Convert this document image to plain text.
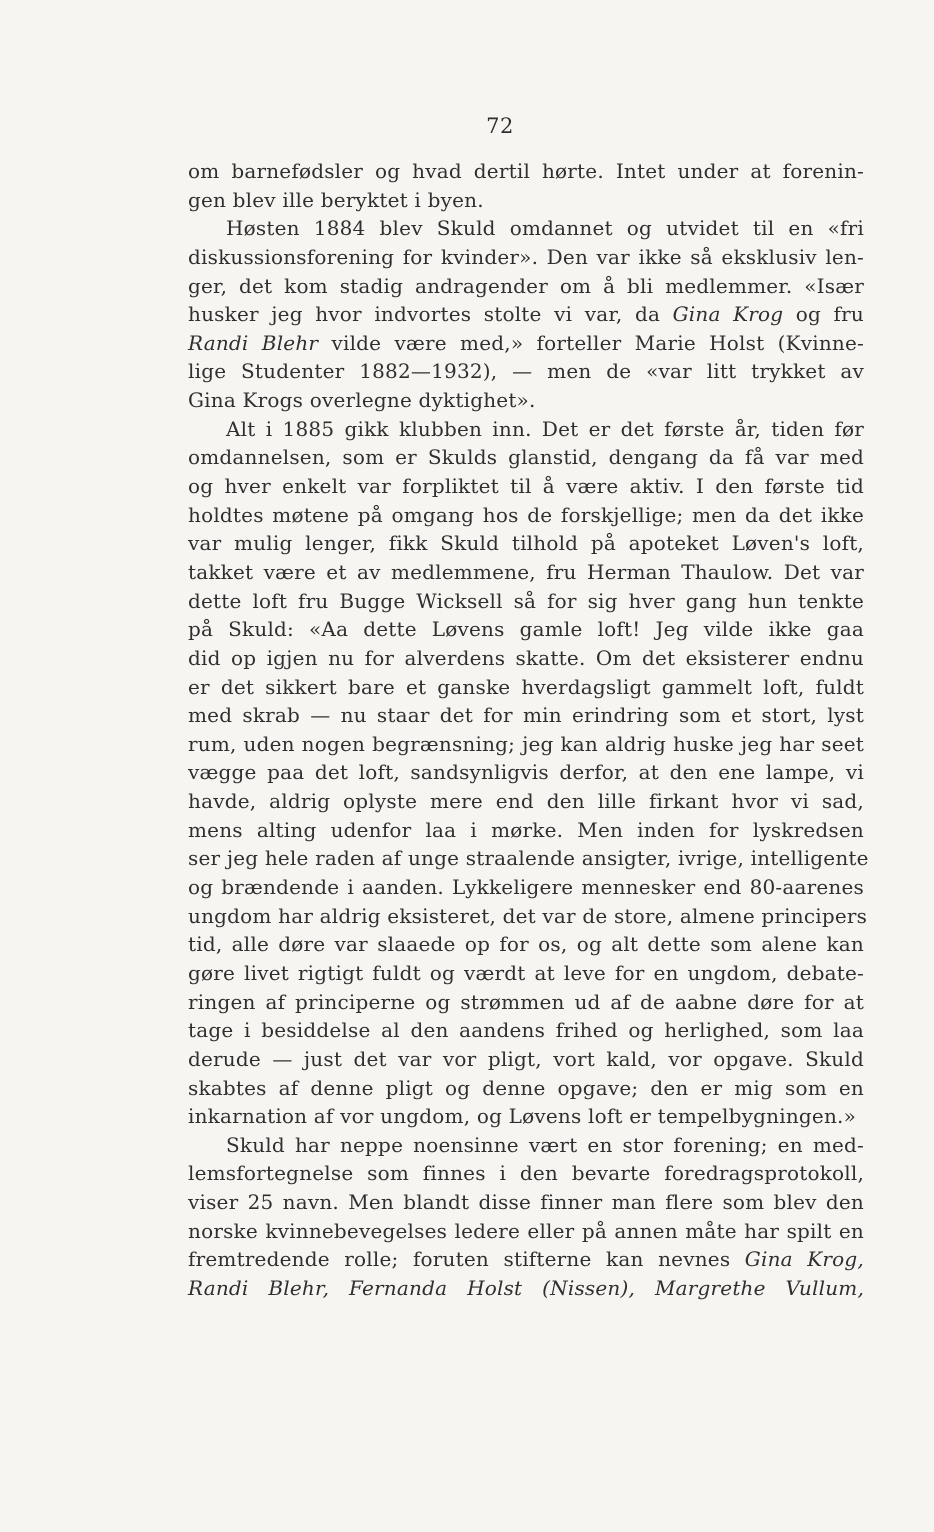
72
om barnefødsler og hvad dertil hørte. Intet under at forenin-
gen blev ille beryktet i byen.
Høsten 1884 blev Skuld omdannet og utvidet til en «fri
diskussionsforening for kvinder». Den var ikke så eksklusiv len-
ger, det kom stadig andragender om å bli medlemmer. «Især
husker jeg hvor indvortes stolte vi var, da Gina Krog og fru
Randi Blehr vilde være med,» forteller Marie Holst (Kvinne-
lige Studenter 1882—1932), — men de «var litt trykket av
Gina Krogs overlegne dyktighet».
Alt i 1885 gikk klubben inn. Det er det første år, tiden før
omdannelsen, som er Skulds glanstid, dengang da få var med
og hver enkelt var forpliktet til å være aktiv. I den første tid
holdtes møtene på omgang hos de forskjellige; men da det ikke
var mulig lenger, fikk Skuld tilhold på apoteket Løven's loft,
takket være et av medlemmene, fru Herman Thaulow. Det var
dette loft fru Bugge Wicksell så for sig hver gang hun tenkte
på Skuld: «Aa dette Løvens gamle loft! Jeg vilde ikke gaa
did op igjen nu for alverdens skatte. Om det eksisterer endnu
er det sikkert bare et ganske hverdagsligt gammelt loft, fuldt
med skrab — nu staar det for min erindring som et stort, lyst
rum, uden nogen begrænsning; jeg kan aldrig huske jeg har seet
vægge paa det loft, sandsynligvis derfor, at den ene lampe, vi
havde, aldrig oplyste mere end den lille firkant hvor vi sad,
mens alting udenfor laa i mørke. Men inden for lyskredsen
ser jeg hele raden af unge straalende ansigter, ivrige, intelligente
og brændende i aanden. Lykkeligere mennesker end 80-aarenes
ungdom har aldrig eksisteret, det var de store, almene principers
tid, alle døre var slaaede op for os, og alt dette som alene kan
gøre livet rigtigt fuldt og værdt at leve for en ungdom, debate-
ringen af principerne og strømmen ud af de aabne døre for at
tage i besiddelse al den aandens frihed og herlighed, som laa
derude — just det var vor pligt, vort kald, vor opgave. Skuld
skabtes af denne pligt og denne opgave; den er mig som en
inkarnation af vor ungdom, og Løvens loft er tempelbygningen.»
Skuld har neppe noensinne vært en stor forening; en med-
lemsfortegnelse som finnes i den bevarte foredragsprotokoll,
viser 25 navn. Men blandt disse finner man flere som blev den
norske kvinnebevegelses ledere eller på annen måte har spilt en
fremtredende rolle; foruten stifterne kan nevnes Gina Krog,
Randi Blehr, Fernanda Holst (Nissen), Margrethe Vullum,
